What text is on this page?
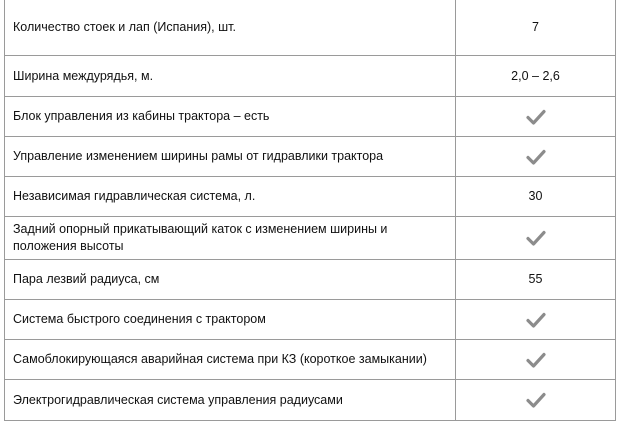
Количество стоек и лап (Испания), шт.	7
Ширина междурядья, м.	2,0 – 2,6
Блок управления из кабины трактора – есть	
Управление изменением ширины рамы от гидравлики трактора	
Независимая гидравлическая система, л.	30
Задний опорный прикатывающий каток с изменением ширины и положения высоты	
Пара лезвий радиуса, см	55
Система быстрого соединения с трактором	
Самоблокирующаяся аварийная система при КЗ (короткое замыкании)	
Электрогидравлическая система управления радиусами	
